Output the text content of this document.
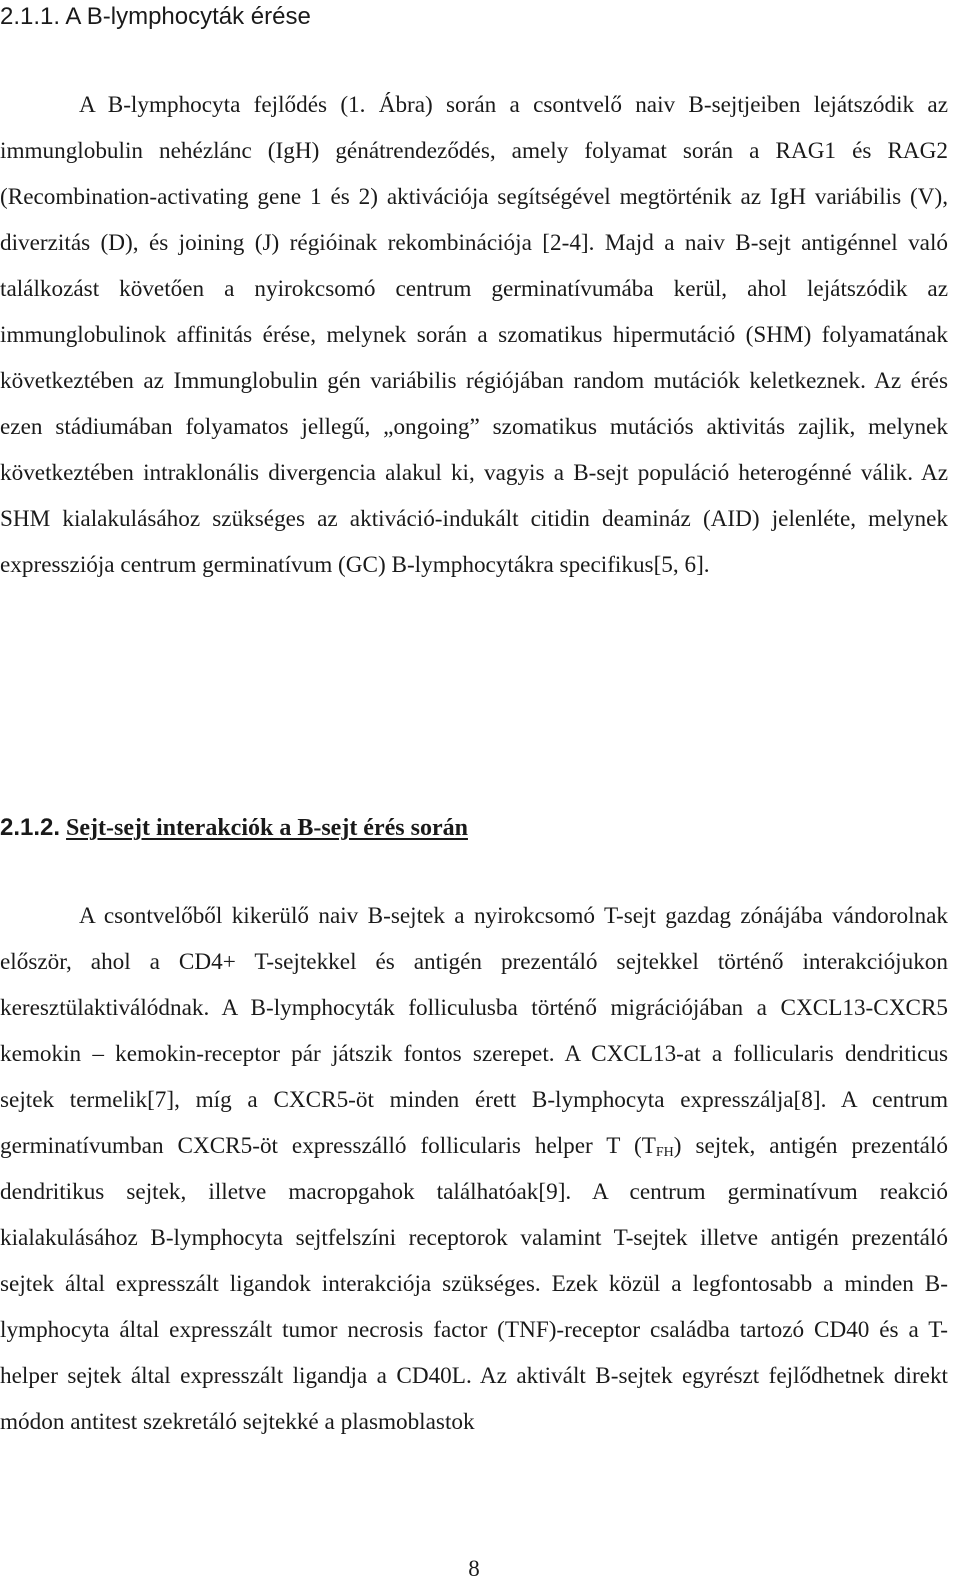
2.1.1. A B-lymphocyták érése

A B-lymphocyta fejlődés (1. Ábra) során a csontvelő naiv B-sejtjeiben lejátszódik az immunglobulin nehézlánc (IgH) génátrendeződés, amely folyamat során a RAG1 és RAG2 (Recombination-activating gene 1 és 2) aktivációja segítségével megtörténik az IgH variábilis (V), diverzitás (D), és joining (J) régióinak rekombinációja [2-4]. Majd a naiv B-sejt antigénnel való találkozást követően a nyirokcsomó centrum germinatívumába kerül, ahol lejátszódik az immunglobulinok affinitás érése, melynek során a szomatikus hipermutáció (SHM) folyamatának következtében az Immunglobulin gén variábilis régiójában random mutációk keletkeznek. Az érés ezen stádiumában folyamatos jellegű, „ongoing” szomatikus mutációs aktivitás zajlik, melynek következtében intraklonális divergencia alakul ki, vagyis a B-sejt populáció heterogénné válik. Az SHM kialakulásához szükséges az aktiváció-indukált citidin deamináz (AID) jelenléte, melynek expressziója centrum germinatívum (GC) B-lymphocytákra specifikus[5, 6].

2.1.2. Sejt-sejt interakciók a B-sejt érés során

A csontvelőből kikerülő naiv B-sejtek a nyirokcsomó T-sejt gazdag zónájába vándorolnak először, ahol a CD4+ T-sejtekkel és antigén prezentáló sejtekkel történő interakciójukon keresztülaktiválódnak. A B-lymphocyták folliculusba történő migrációjában a CXCL13-CXCR5 kemokin – kemokin-receptor pár játszik fontos szerepet. A CXCL13-at a follicularis dendriticus sejtek termelik[7], míg a CXCR5-öt minden érett B-lymphocyta expresszálja[8]. A centrum germinatívumban CXCR5-öt expresszálló follicularis helper T $(T_{FH})$ sejtek, antigén prezentáló dendritikus sejtek, illetve macropgahok találhatóak[9]. A centrum germinatívum reakció kialakulásához B-lymphocyta sejtfelszíni receptorok valamint T-sejtek illetve antigén prezentáló sejtek által expresszált ligandok interakciója szükséges. Ezek közül a legfontosabb a minden B-lymphocyta által expresszált tumor necrosis factor (TNF)-receptor családba tartozó CD40 és a T-helper sejtek által expresszált ligandja a CD40L. Az aktivált B-sejtek egyrészt fejlődhetnek direkt módon antitest szekretáló sejtekké a plasmoblastok

8
